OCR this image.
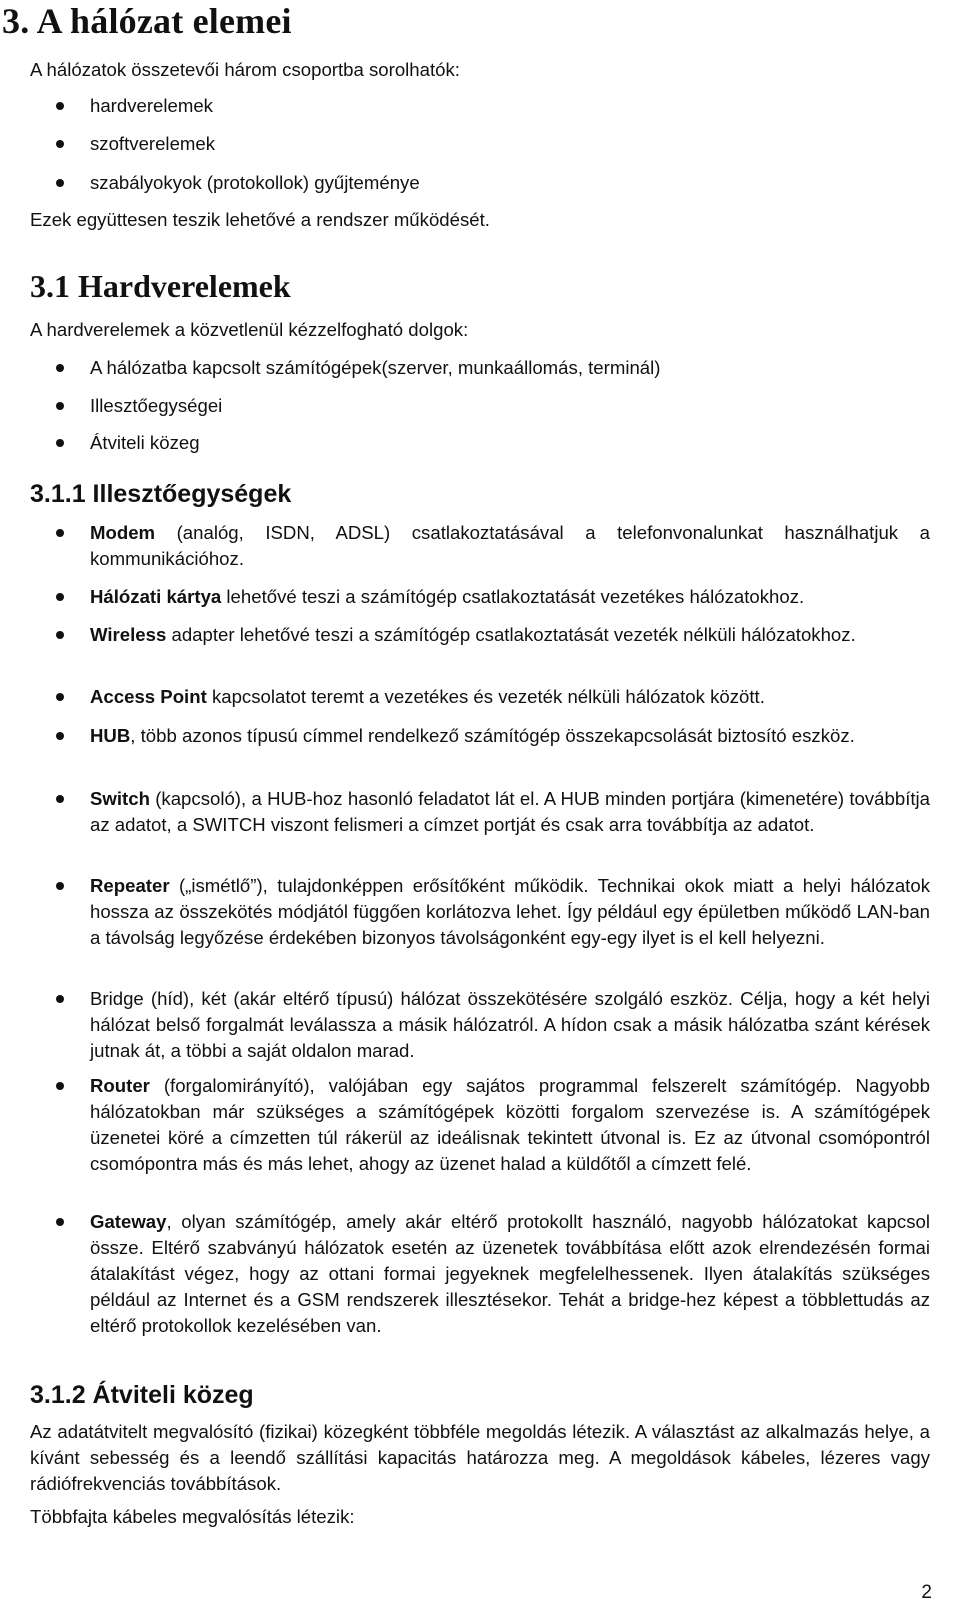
3. A hálózat elemei
A hálózatok összetevői három csoportba sorolhatók:
hardverelemek
szoftverelemek
szabályokyok (protokollok) gyűjteménye
Ezek együttesen teszik lehetővé a rendszer működését.
3.1 Hardverelemek
A hardverelemek a közvetlenül kézzelfogható dolgok:
A hálózatba kapcsolt számítógépek(szerver, munkaállomás, terminál)
Illesztőegységei
Átviteli közeg
3.1.1 Illesztőegységek
Modem (analóg, ISDN, ADSL) csatlakoztatásával a telefonvonalunkat használhatjuk a kommunikációhoz.
Hálózati kártya lehetővé teszi a számítógép csatlakoztatását vezetékes hálózatokhoz.
Wireless adapter lehetővé teszi a számítógép csatlakoztatását vezeték nélküli hálózatokhoz.
Access Point kapcsolatot teremt a vezetékes és vezeték nélküli hálózatok között.
HUB, több azonos típusú címmel rendelkező számítógép összekapcsolását biztosító eszköz.
Switch (kapcsoló), a HUB-hoz hasonló feladatot lát el. A HUB minden portjára (kimenetére) továbbítja az adatot, a SWITCH viszont felismeri a címzet portját és csak arra továbbítja az adatot.
Repeater („ismétlő”), tulajdonképpen erősítőként működik. Technikai okok miatt a helyi hálózatok hossza az összekötés módjától függően korlátozva lehet. Így például egy épületben működő LAN-ban a távolság legyőzése érdekében bizonyos távolságonként egy-egy ilyet is el kell helyezni.
Bridge (híd), két (akár eltérő típusú) hálózat összekötésére szolgáló eszköz. Célja, hogy a két helyi hálózat belső forgalmát leválassza a másik hálózatról. A hídon csak a másik hálózatba szánt kérések jutnak át, a többi a saját oldalon marad.
Router (forgalomirányító), valójában egy sajátos programmal felszerelt számítógép. Nagyobb hálózatokban már szükséges a számítógépek közötti forgalom szervezése is. A számítógépek üzenetei köré a címzetten túl rákerül az ideálisnak tekintett útvonal is. Ez az útvonal csomópontról csomópontra más és más lehet, ahogy az üzenet halad a küldőtől a címzett felé.
Gateway, olyan számítógép, amely akár eltérő protokollt használó, nagyobb hálózatokat kapcsol össze. Eltérő szabványú hálózatok esetén az üzenetek továbbítása előtt azok elrendezésén formai átalakítást végez, hogy az ottani formai jegyeknek megfelelhessenek. Ilyen átalakítás szükséges például az Internet és a GSM rendszerek illesztésekor. Tehát a bridge-hez képest a többlettudás az eltérő protokollok kezelésében van.
3.1.2 Átviteli közeg
Az adatátvitelt megvalósító (fizikai) közegként többféle megoldás létezik. A választást az alkalmazás helye, a kívánt sebesség és a leendő szállítási kapacitás határozza meg. A megoldások kábeles, lézeres vagy rádiófrekvenciás továbbítások.
Többfajta kábeles megvalósítás létezik:
2
